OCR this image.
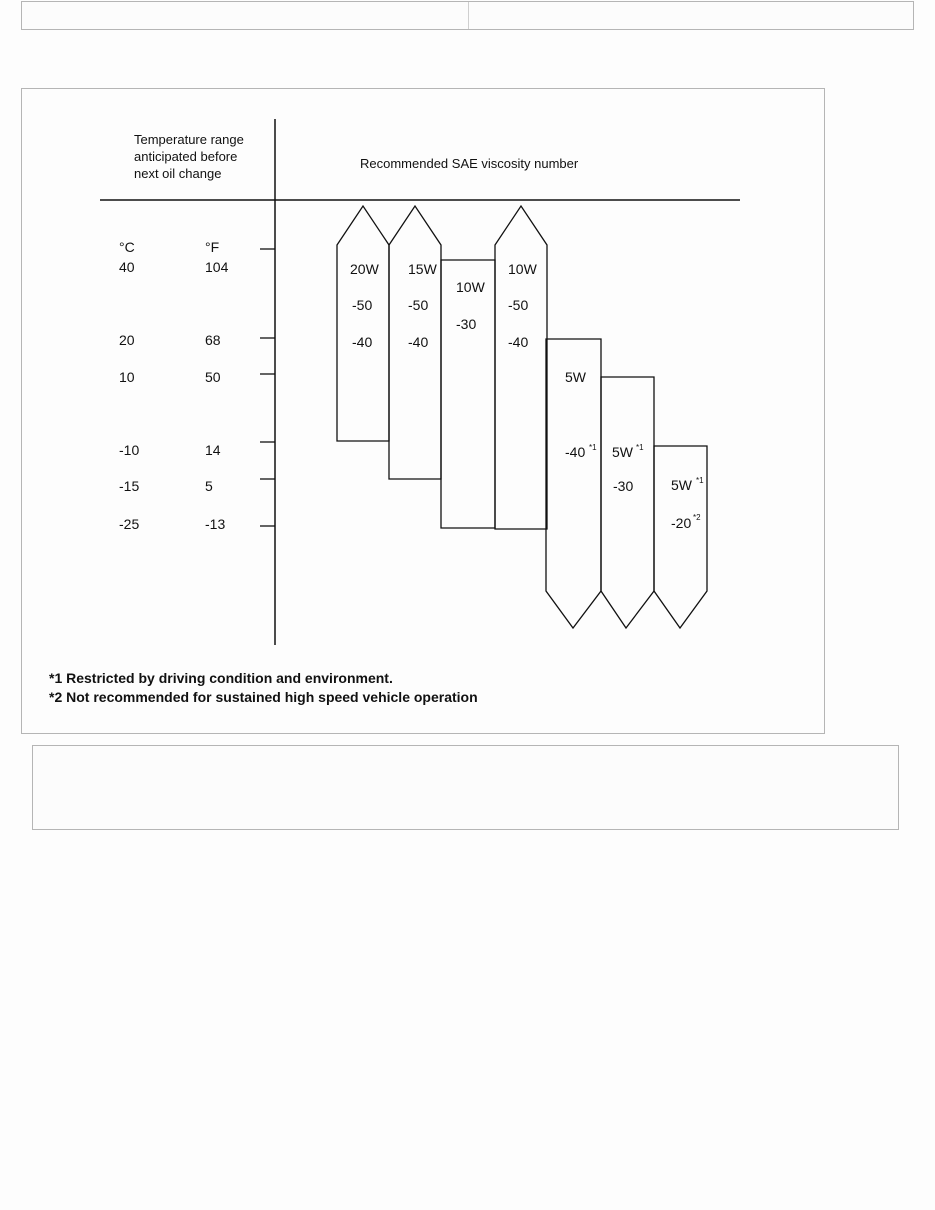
Temperature range
anticipated before
next oil change
Recommended SAE viscosity number
°C	°F
40	104
20	68
10	50
-10	14
-15	5
-25	-13
20W
-50
-40
15W
-50
-40
10W
-30
10W
-50
-40
5W
-40 *1 5W *1
-30	5W *1
-20 *2
*1 Restricted by driving condition and environment.
*2 Not recommended for sustained high speed vehicle operation
